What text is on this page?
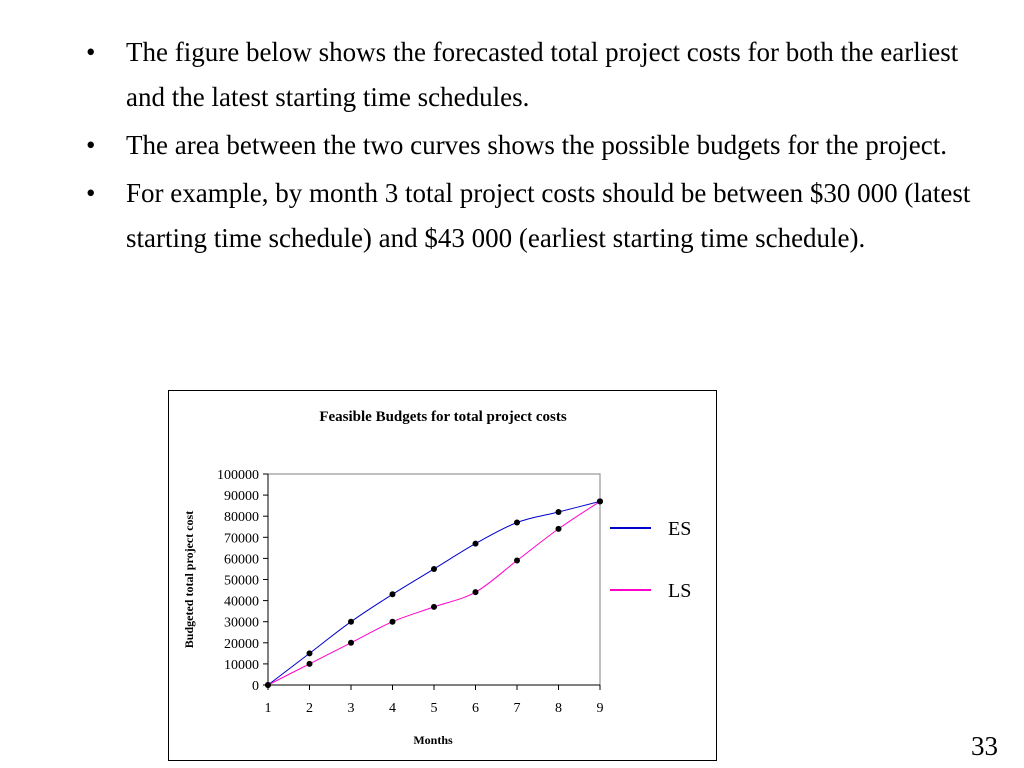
• The figure below shows the forecasted total project costs for both the earliest and the latest starting time schedules.
• The area between the two curves shows the possible budgets for the project.
• For example, by month 3 total project costs should be between $30 000 (latest starting time schedule) and $43 000 (earliest starting time schedule).
Feasible Budgets for total project costs
0
10000
20000
30000
40000
50000
60000
70000
80000
90000
100000
1 2 3 4 5 6 7 8 9
Months
Budgeted total project cost	ES
LS
33
